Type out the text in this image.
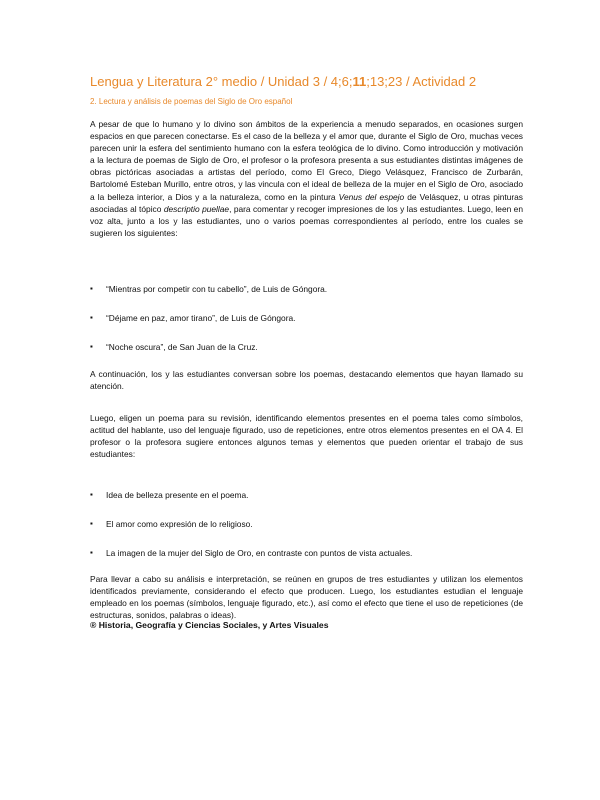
Lengua y Literatura 2° medio / Unidad 3 / 4;6;11;13;23 / Actividad 2
2. Lectura y análisis de poemas del Siglo de Oro español
A pesar de que lo humano y lo divino son ámbitos de la experiencia a menudo separados, en ocasiones surgen espacios en que parecen conectarse. Es el caso de la belleza y el amor que, durante el Siglo de Oro, muchas veces parecen unir la esfera del sentimiento humano con la esfera teológica de lo divino. Como introducción y motivación a la lectura de poemas de Siglo de Oro, el profesor o la profesora presenta a sus estudiantes distintas imágenes de obras pictóricas asociadas a artistas del período, como El Greco, Diego Velásquez, Francisco de Zurbarán, Bartolomé Esteban Murillo, entre otros, y las vincula con el ideal de belleza de la mujer en el Siglo de Oro, asociado a la belleza interior, a Dios y a la naturaleza, como en la pintura Venus del espejo de Velásquez, u otras pinturas asociadas al tópico descriptio puellae, para comentar y recoger impresiones de los y las estudiantes. Luego, leen en voz alta, junto a los y las estudiantes, uno o varios poemas correspondientes al período, entre los cuales se sugieren los siguientes:
▪ “Mientras por competir con tu cabello”, de Luis de Góngora.
▪ “Déjame en paz, amor tirano”, de Luis de Góngora.
▪ “Noche oscura”, de San Juan de la Cruz.
A continuación, los y las estudiantes conversan sobre los poemas, destacando elementos que hayan llamado su atención.
Luego, eligen un poema para su revisión, identificando elementos presentes en el poema tales como símbolos, actitud del hablante, uso del lenguaje figurado, uso de repeticiones, entre otros elementos presentes en el OA 4. El profesor o la profesora sugiere entonces algunos temas y elementos que pueden orientar el trabajo de sus estudiantes:
▪ Idea de belleza presente en el poema.
▪ El amor como expresión de lo religioso.
▪ La imagen de la mujer del Siglo de Oro, en contraste con puntos de vista actuales.
Para llevar a cabo su análisis e interpretación, se reúnen en grupos de tres estudiantes y utilizan los elementos identificados previamente, considerando el efecto que producen. Luego, los estudiantes estudian el lenguaje empleado en los poemas (símbolos, lenguaje figurado, etc.), así como el efecto que tiene el uso de repeticiones (de estructuras, sonidos, palabras o ideas).
® Historia, Geografía y Ciencias Sociales, y Artes Visuales
